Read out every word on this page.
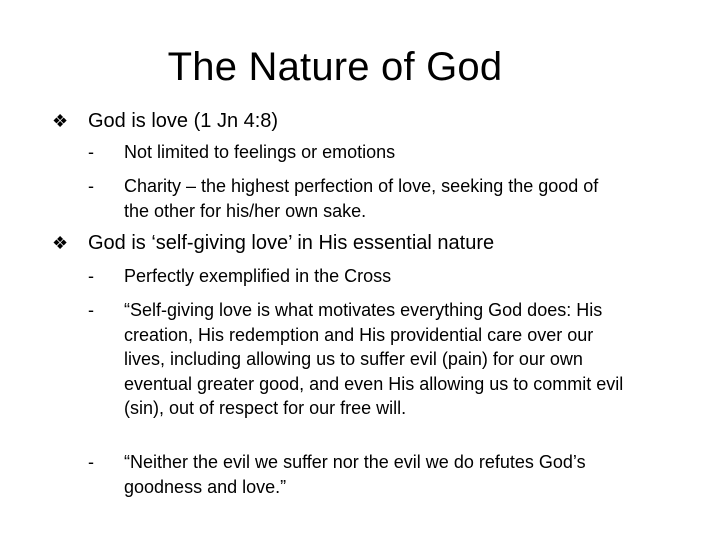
The Nature of God
❖ God is love (1 Jn 4:8)
-	Not limited to feelings or emotions
-	Charity – the highest perfection of love, seeking the good of the other for his/her own sake.
❖ God is ‘self-giving love’ in His essential nature
-	Perfectly exemplified in the Cross
-	“Self-giving love is what motivates everything God does: His creation, His redemption and His providential care over our lives, including allowing us to suffer evil (pain) for our own eventual greater good, and even His allowing us to commit evil (sin), out of respect for our free will.
-	“Neither the evil we suffer nor the evil we do refutes God’s goodness and love.”
